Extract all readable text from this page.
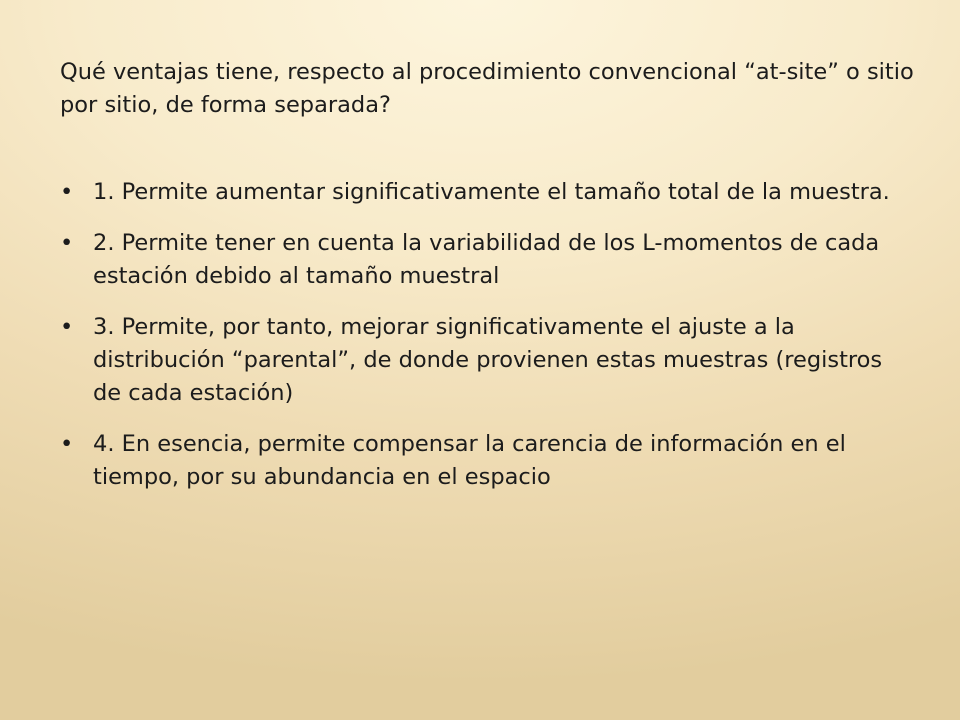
Qué ventajas tiene, respecto al procedimiento convencional “at-site” o sitio por sitio, de forma separada?

• 1. Permite aumentar significativamente el tamaño total de la muestra.
• 2. Permite tener en cuenta la variabilidad de los L-momentos de cada estación debido al tamaño muestral
• 3. Permite, por tanto, mejorar significativamente el ajuste a la distribución “parental”, de donde provienen estas muestras (registros de cada estación)
• 4. En esencia, permite compensar la carencia de información en el tiempo, por su abundancia en el espacio
